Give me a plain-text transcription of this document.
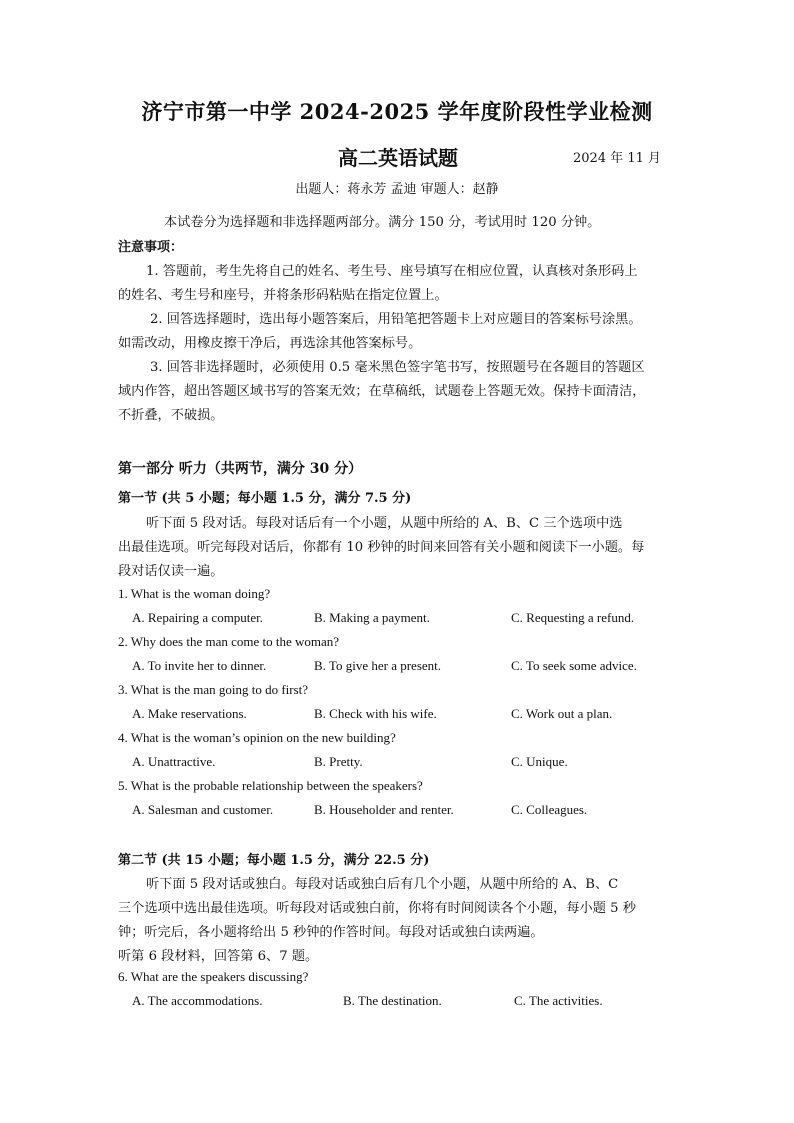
济宁市第一中学 2024-2025 学年度阶段性学业检测
高二英语试题	2024 年 11 月
出题人：蒋永芳 孟迪 审题人：赵静
本试卷分为选择题和非选择题两部分。满分 150 分，考试用时 120 分钟。
注意事项：
1. 答题前，考生先将自己的姓名、考生号、座号填写在相应位置，认真核对条形码上
的姓名、考生号和座号，并将条形码粘贴在指定位置上。
2. 回答选择题时，选出每小题答案后，用铅笔把答题卡上对应题目的答案标号涂黑。
如需改动，用橡皮擦干净后，再选涂其他答案标号。
3. 回答非选择题时，必须使用 0.5 毫米黑色签字笔书写，按照题号在各题目的答题区
域内作答，超出答题区域书写的答案无效；在草稿纸，试题卷上答题无效。保持卡面清洁，
不折叠，不破损。
第一部分 听力（共两节，满分 30 分）
第一节 (共 5 小题；每小题 1.5 分，满分 7.5 分)
听下面 5 段对话。每段对话后有一个小题，从题中所给的 A、B、C 三个选项中选
出最佳选项。听完每段对话后，你都有 10 秒钟的时间来回答有关小题和阅读下一小题。每
段对话仅读一遍。
1. What is the woman doing?
A. Repairing a computer.	B. Making a payment.	C. Requesting a refund.
2. Why does the man come to the woman?
A. To invite her to dinner.	B. To give her a present.	C. To seek some advice.
3. What is the man going to do first?
A. Make reservations.	B. Check with his wife.	C. Work out a plan.
4. What is the woman’s opinion on the new building?
A. Unattractive.	B. Pretty.	C. Unique.
5. What is the probable relationship between the speakers?
A. Salesman and customer.	B. Householder and renter.	C. Colleagues.
第二节 (共 15 小题；每小题 1.5 分，满分 22.5 分)
听下面 5 段对话或独白。每段对话或独白后有几个小题，从题中所给的 A、B、C
三个选项中选出最佳选项。听每段对话或独白前，你将有时间阅读各个小题，每小题 5 秒
钟；听完后，各小题将给出 5 秒钟的作答时间。每段对话或独白读两遍。
听第 6 段材料，回答第 6、7 题。
6. What are the speakers discussing?
A. The accommodations.	B. The destination.	C. The activities.
